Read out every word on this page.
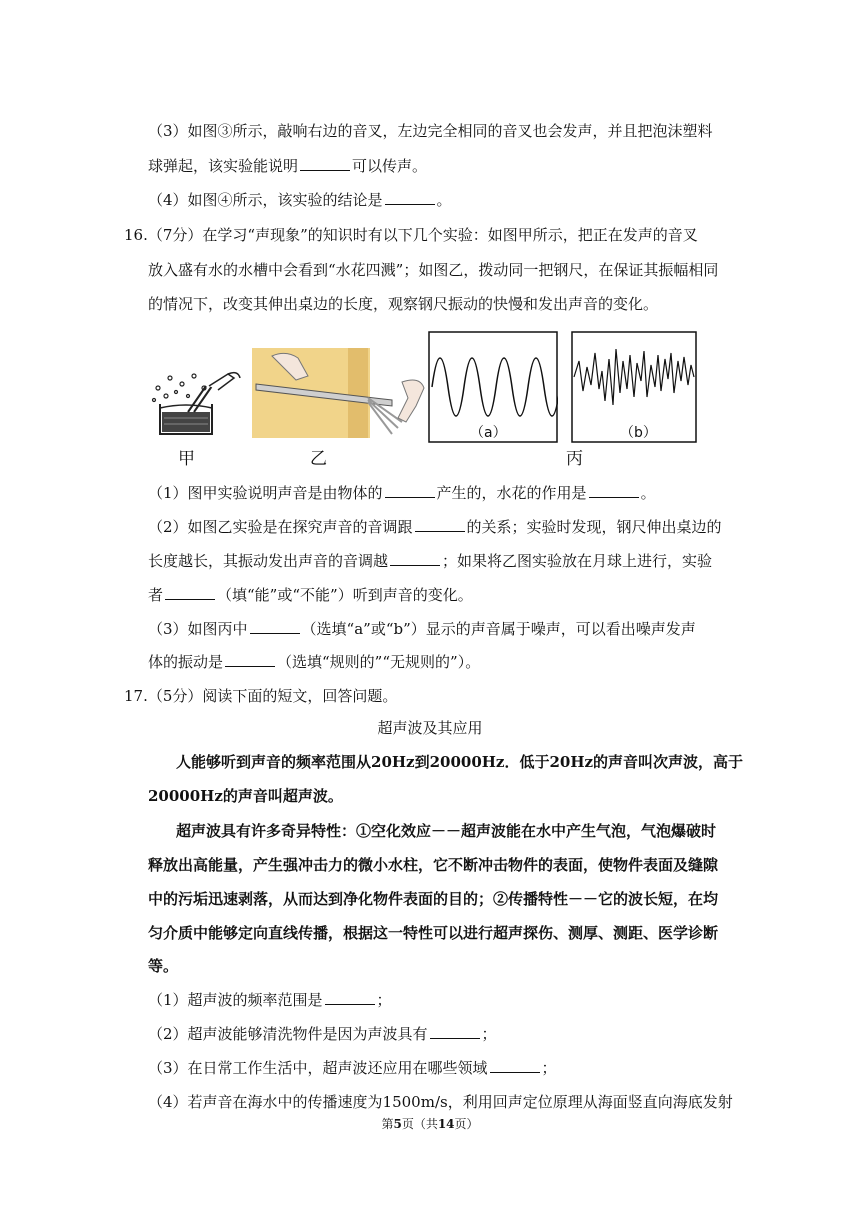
（3）如图③所示，敲响右边的音叉，左边完全相同的音叉也会发声，并且把泡沫塑料
球弹起，该实验能说明	可以传声。
（4）如图④所示，该实验的结论是	。
16.（7分）在学习“声现象”的知识时有以下几个实验：如图甲所示，把正在发声的音叉
放入盛有水的水槽中会看到“水花四溅”；如图乙，拨动同一把钢尺，在保证其振幅相同
的情况下，改变其伸出桌边的长度，观察钢尺振动的快慢和发出声音的变化。
甲	乙	丙
（a）	（b）
（1）图甲实验说明声音是由物体的	产生的，水花的作用是	。
（2）如图乙实验是在探究声音的音调跟	的关系；实验时发现，钢尺伸出桌边的
长度越长，其振动发出声音的音调越	；如果将乙图实验放在月球上进行，实验
者	（填“能”或“不能”）听到声音的变化。
（3）如图丙中	（选填“a”或“b”）显示的声音属于噪声，可以看出噪声发声
体的振动是	（选填“规则的”“无规则的”）。
17.（5分）阅读下面的短文，回答问题。
超声波及其应用
人能够听到声音的频率范围从20Hz到20000Hz．低于20Hz的声音叫次声波，高于
20000Hz的声音叫超声波。
超声波具有许多奇异特性：①空化效应－－超声波能在水中产生气泡，气泡爆破时
释放出高能量，产生强冲击力的微小水柱，它不断冲击物件的表面，使物件表面及缝隙
中的污垢迅速剥落，从而达到净化物件表面的目的；②传播特性－－它的波长短，在均
匀介质中能够定向直线传播，根据这一特性可以进行超声探伤、测厚、测距、医学诊断
等。
（1）超声波的频率范围是	；
（2）超声波能够清洗物件是因为声波具有	；
（3）在日常工作生活中，超声波还应用在哪些领域	；
（4）若声音在海水中的传播速度为1500m/s，利用回声定位原理从海面竖直向海底发射
第5页（共14页）
